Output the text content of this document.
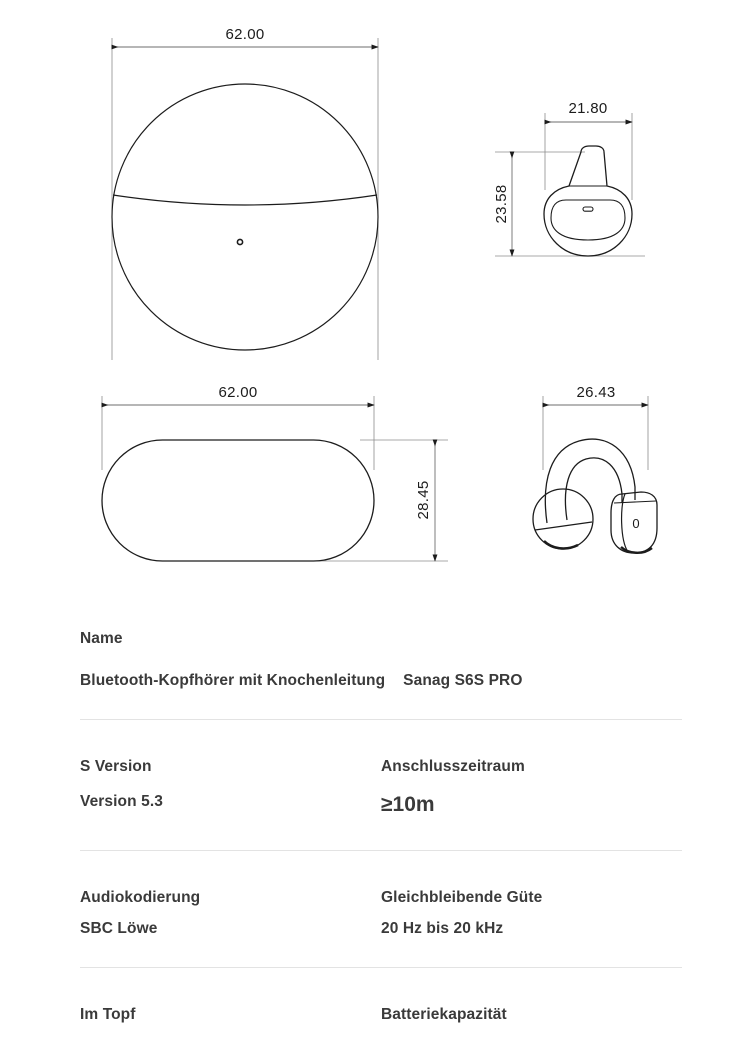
62.00
21.80
23.58
62.00
28.45
26.43
0
Name
Bluetooth-Kopfhörer mit Knochenleitung Sanag S6S PRO
S Version
Version 5.3
Anschlusszeitraum
≥10m
Audiokodierung
SBC Löwe
Gleichbleibende Güte
20 Hz bis 20 kHz
Im Topf	Batteriekapazität
